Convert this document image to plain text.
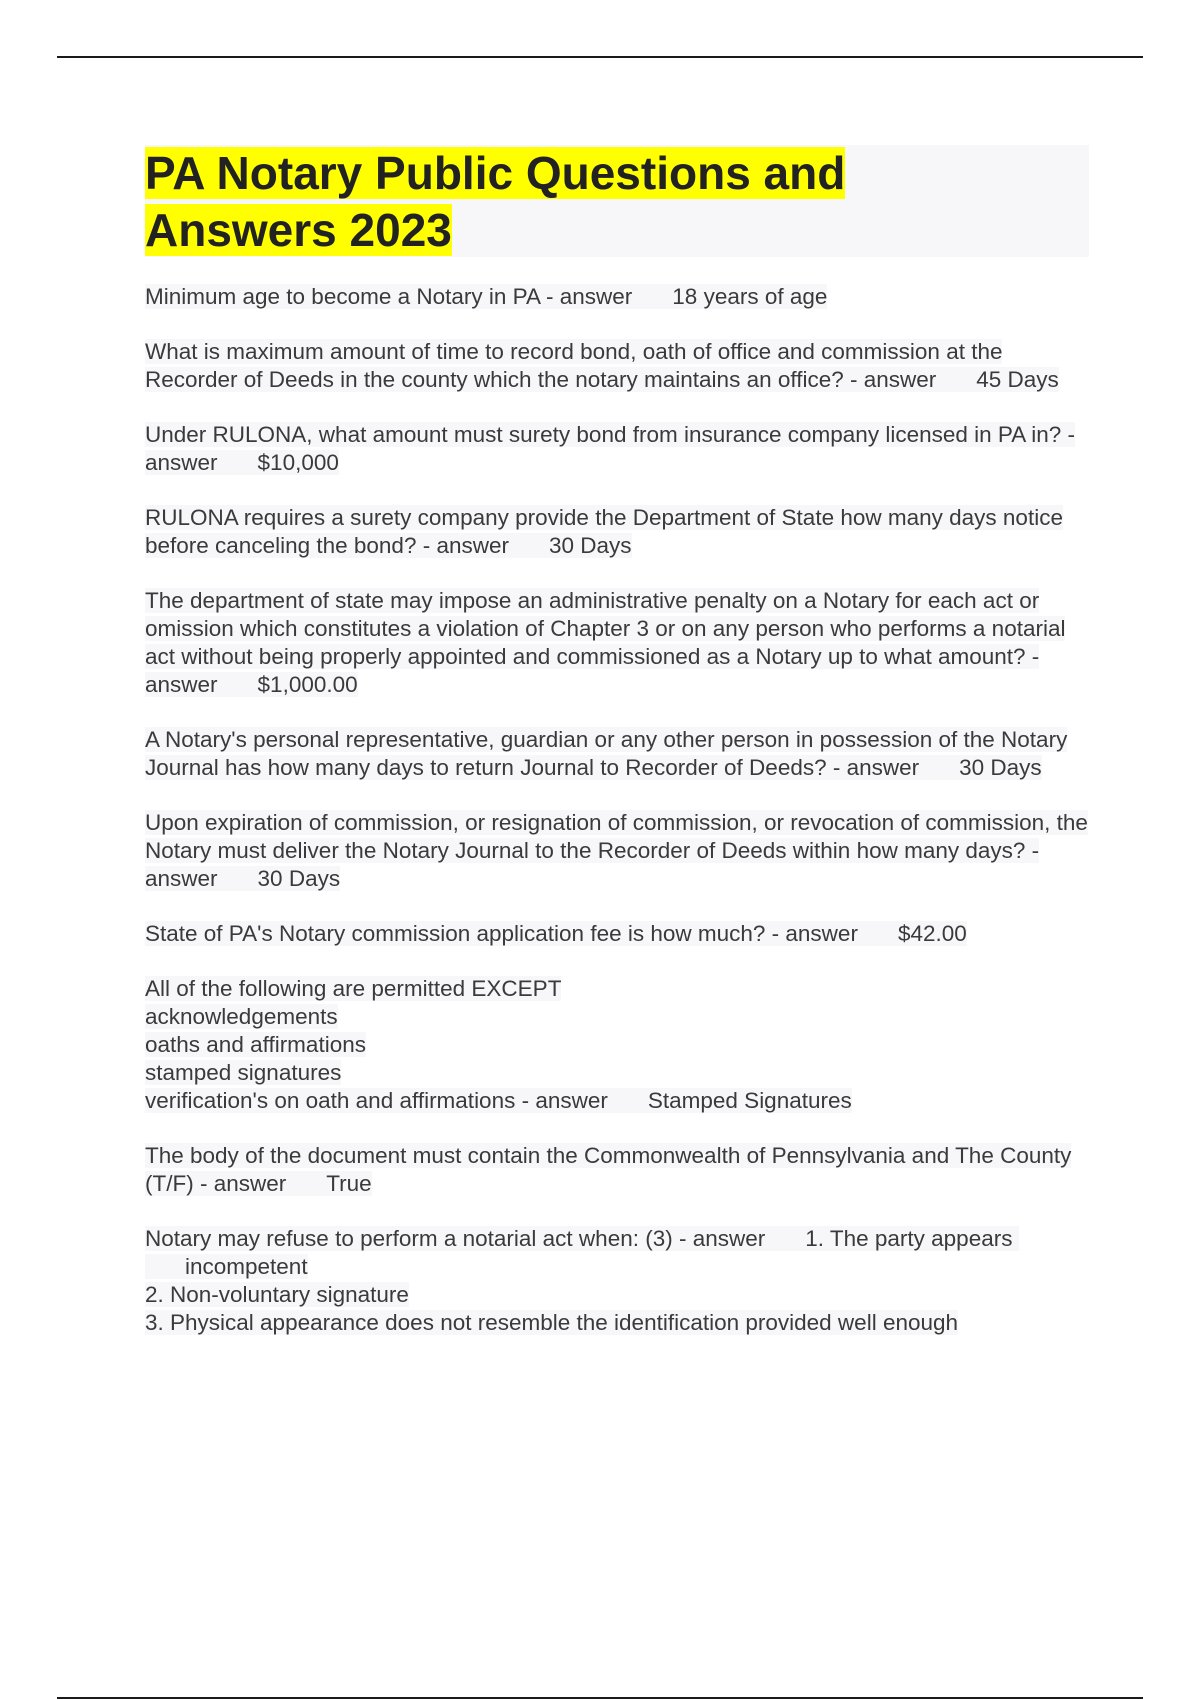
PA Notary Public Questions and
Answers 2023

Minimum age to become a Notary in PA - answer 18 years of age

What is maximum amount of time to record bond, oath of office and commission at the Recorder of Deeds in the county which the notary maintains an office? - answer 45 Days

Under RULONA, what amount must surety bond from insurance company licensed in PA in? - answer $10,000

RULONA requires a surety company provide the Department of State how many days notice before canceling the bond? - answer 30 Days

The department of state may impose an administrative penalty on a Notary for each act or omission which constitutes a violation of Chapter 3 or on any person who performs a notarial act without being properly appointed and commissioned as a Notary up to what amount? - answer $1,000.00

A Notary's personal representative, guardian or any other person in possession of the Notary Journal has how many days to return Journal to Recorder of Deeds? - answer 30 Days

Upon expiration of commission, or resignation of commission, or revocation of commission, the Notary must deliver the Notary Journal to the Recorder of Deeds within how many days? - answer 30 Days

State of PA's Notary commission application fee is how much? - answer $42.00

All of the following are permitted EXCEPT
acknowledgements
oaths and affirmations
stamped signatures
verification's on oath and affirmations - answer Stamped Signatures

The body of the document must contain the Commonwealth of Pennsylvania and The County (T/F) - answer True

Notary may refuse to perform a notarial act when: (3) - answer 1. The party appears incompetent
2. Non-voluntary signature
3. Physical appearance does not resemble the identification provided well enough
